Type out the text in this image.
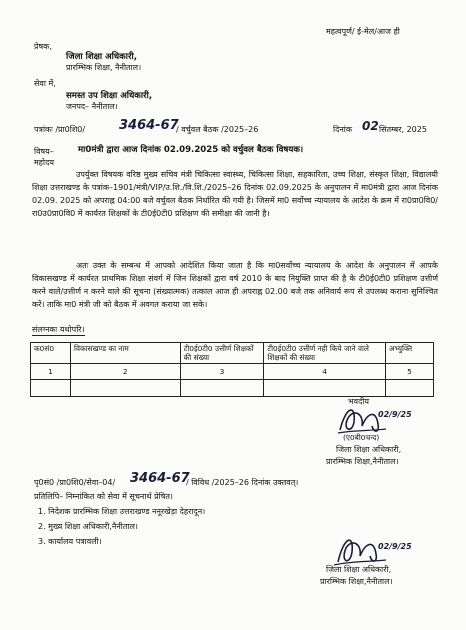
महत्वपूर्ण/ ई-मेल/आज ही
प्रेषक,
जिला शिक्षा अधिकारी,
प्रारम्भिक शिक्षा, नैनीताल।
सेवा में,
समस्त उप शिक्षा अधिकारी,
जनपद– नैनीताल।
पत्रांकः /प्रा0शि0/	3464-67
/ वर्चुवल बैठक /2025–26	दिनांक 02 सितम्बर, 2025
विषय–	मा0मंत्री द्वारा आज दिनांक 02.09.2025 को वर्चुवल बैठक विषयक।
महोदय
उपर्युक्त विषयक वरिष्ठ मुख्य सचिव मंत्री चिकित्सा स्वास्थ्य, चिकित्सा शिक्षा, सहकारिता, उच्च शिक्षा, संस्कृत शिक्षा, विद्यालयी शिक्षा उत्तराखण्ड के पत्रांक–1901/मंत्री/VIP/उ.शि./वि.शि./2025–26 दिनांक 02.09.2025 के अनुपालन में मा0मंत्री द्वारा आज दिनांक 02.09. 2025 को अपराह्न 04:00 बजे वर्चुवल बैठक निर्धारित की गयी है। जिसमें मा0 सर्वोच्च न्यायालय के आदेश के क्रम में रा0प्रा0वि0/रा0उ0प्रा0वि0 में कार्यरत शिक्षकों के टी0ई0टी0 प्रशिक्षण की समीक्षा की जानी है।
अतः उक्त के सम्बन्ध में आपको आदेशित किया जाता है कि मा0सर्वोच्च न्यायालय के आदेश के अनुपालन में आपके विकासखण्ड में कार्यरत प्राथमिक शिक्षा संवर्ग में जिन शिक्षकों द्वारा वर्ष 2010 के बाद नियुक्ति प्राप्त की है के टी0ई0टी0 प्रशिक्षण उत्तीर्ण करने वाले/उत्तीर्ण न करने वाले की सूचना (संख्यात्मक) तत्काल आज ही अपराह्न 02.00 बजे तक अनिवार्य रूप से उपलब्ध कराना सुनिश्चित करें। ताकि मा0 मंत्री जी को बैठक में अवगत कराया जा सके।
संलग्नकः यथोपरि।
क0सं0	विकासखण्ड का नाम	टी0ई0टी0 उत्तीर्ण शिक्षकों की संख्या	टी0ई0टी0 उत्तीर्ण नही किये जाने वाले शिक्षकों की संख्या	अभ्युक्ति
1	2	3	4	5

भवदीय
02/9/25
(ए0बी0चन्द)
जिला शिक्षा अधिकारी,
प्रारम्भिक शिक्षा,नैनीताल।
पृ0सं0 /प्रा0शि0/सेवा–04/ 3464-67
/ विविध /2025–26 दिनांक उक्तवत्।
प्रतिलिपि– निम्नांकित को सेवा में सूचनार्थ प्रेषित।
1. निदेशक प्रारम्भिक शिक्षा उत्तराखण्ड ननूरखेड़ा देहरादून।
2. मुख्य शिक्षा अधिकारी,नैनीताल।
3. कार्यालय पत्रावली।
02/9/25
जिला शिक्षा अधिकारी,
प्रारम्भिक शिक्षा,नैनीताल।
